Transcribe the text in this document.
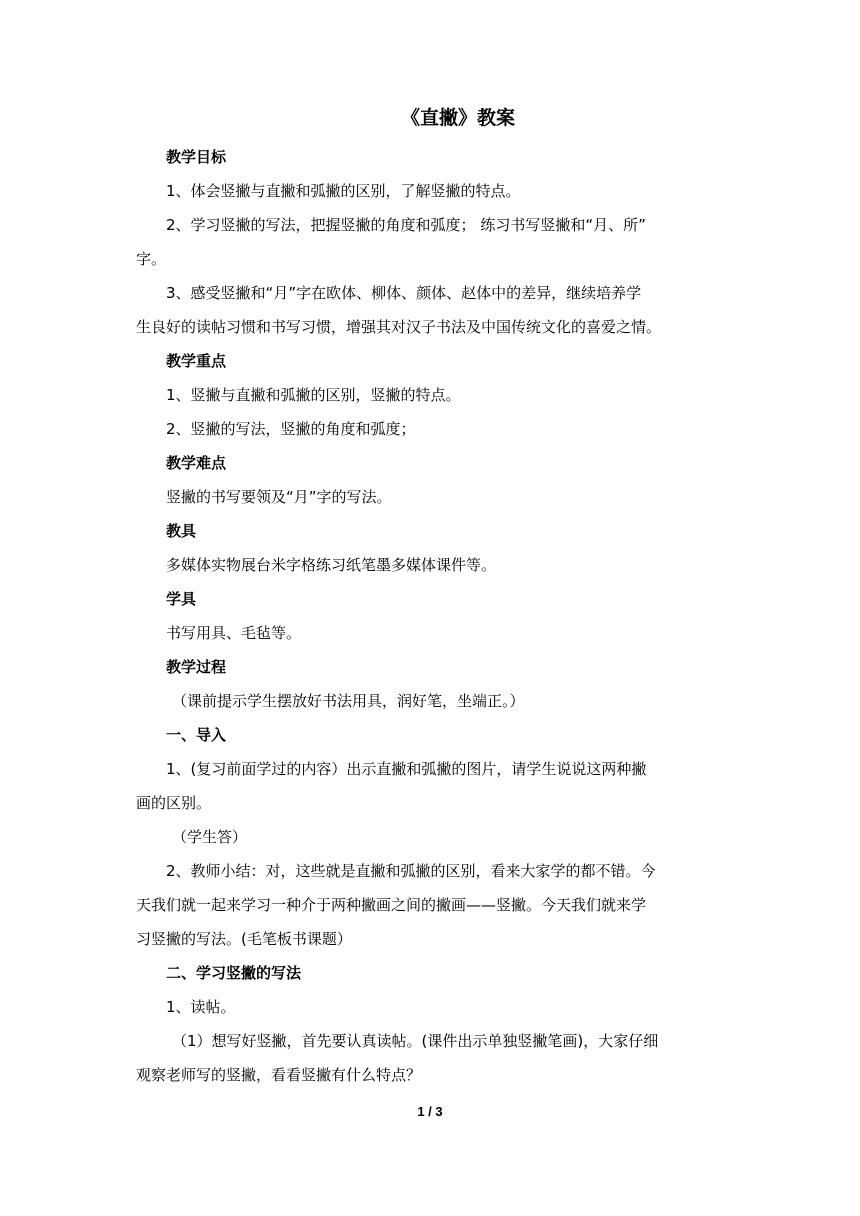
《直撇》教案
教学目标
1、体会竖撇与直撇和弧撇的区别，了解竖撇的特点。
2、学习竖撇的写法，把握竖撇的角度和弧度； 练习书写竖撇和“月、所”
字。
3、感受竖撇和“月”字在欧体、柳体、颜体、赵体中的差异，继续培养学
生良好的读帖习惯和书写习惯，增强其对汉子书法及中国传统文化的喜爱之情。
教学重点
1、竖撇与直撇和弧撇的区别，竖撇的特点。
2、竖撇的写法，竖撇的角度和弧度；
教学难点
竖撇的书写要领及“月”字的写法。
教具
多媒体实物展台米字格练习纸笔墨多媒体课件等。
学具
书写用具、毛毡等。
教学过程
（课前提示学生摆放好书法用具，润好笔，坐端正。）
一、导入
1、(复习前面学过的内容）出示直撇和弧撇的图片，请学生说说这两种撇
画的区别。
（学生答）
2、教师小结：对，这些就是直撇和弧撇的区别，看来大家学的都不错。今
天我们就一起来学习一种介于两种撇画之间的撇画——竖撇。今天我们就来学
习竖撇的写法。(毛笔板书课题）
二、学习竖撇的写法
1、读帖。
（1）想写好竖撇，首先要认真读帖。(课件出示单独竖撇笔画)，大家仔细
观察老师写的竖撇，看看竖撇有什么特点？
1 / 3
